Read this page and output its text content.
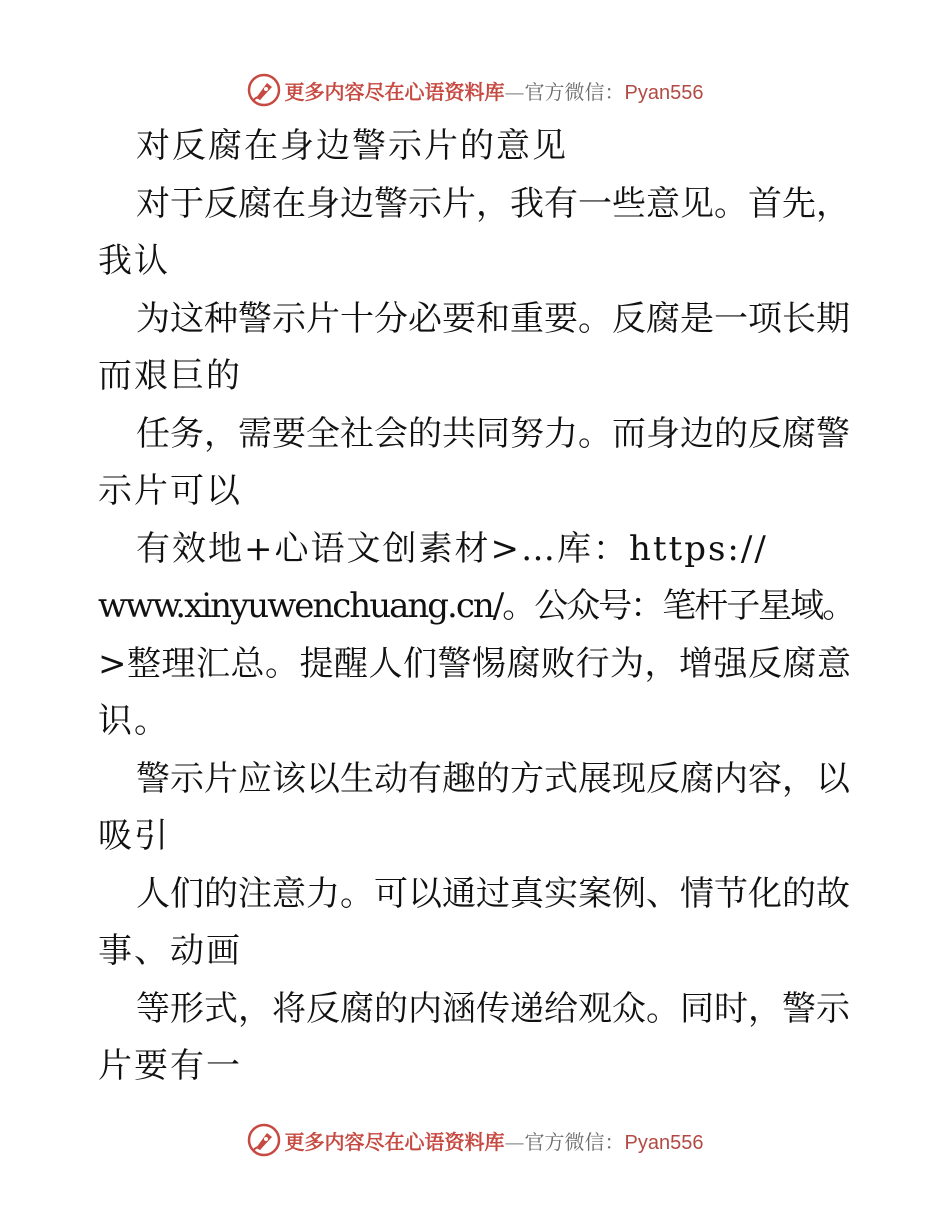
更多内容尽在心语资料库—官方微信：Pyan556
对反腐在身边警示片的意见
对于反腐在身边警示片，我有一些意见。首先，
我认
为这种警示片十分必要和重要。反腐是一项长期
而艰巨的
任务，需要全社会的共同努力。而身边的反腐警
示片可以
有效地+心语文创素材>…库：https://
www.xinyuwenchuang.cn/。公众号：笔杆子星域。
>整理汇总。提醒人们警惕腐败行为，增强反腐意
识。
警示片应该以生动有趣的方式展现反腐内容，以
吸引
人们的注意力。可以通过真实案例、情节化的故
事、动画
等形式，将反腐的内涵传递给观众。同时，警示
片要有一
更多内容尽在心语资料库—官方微信：Pyan556
